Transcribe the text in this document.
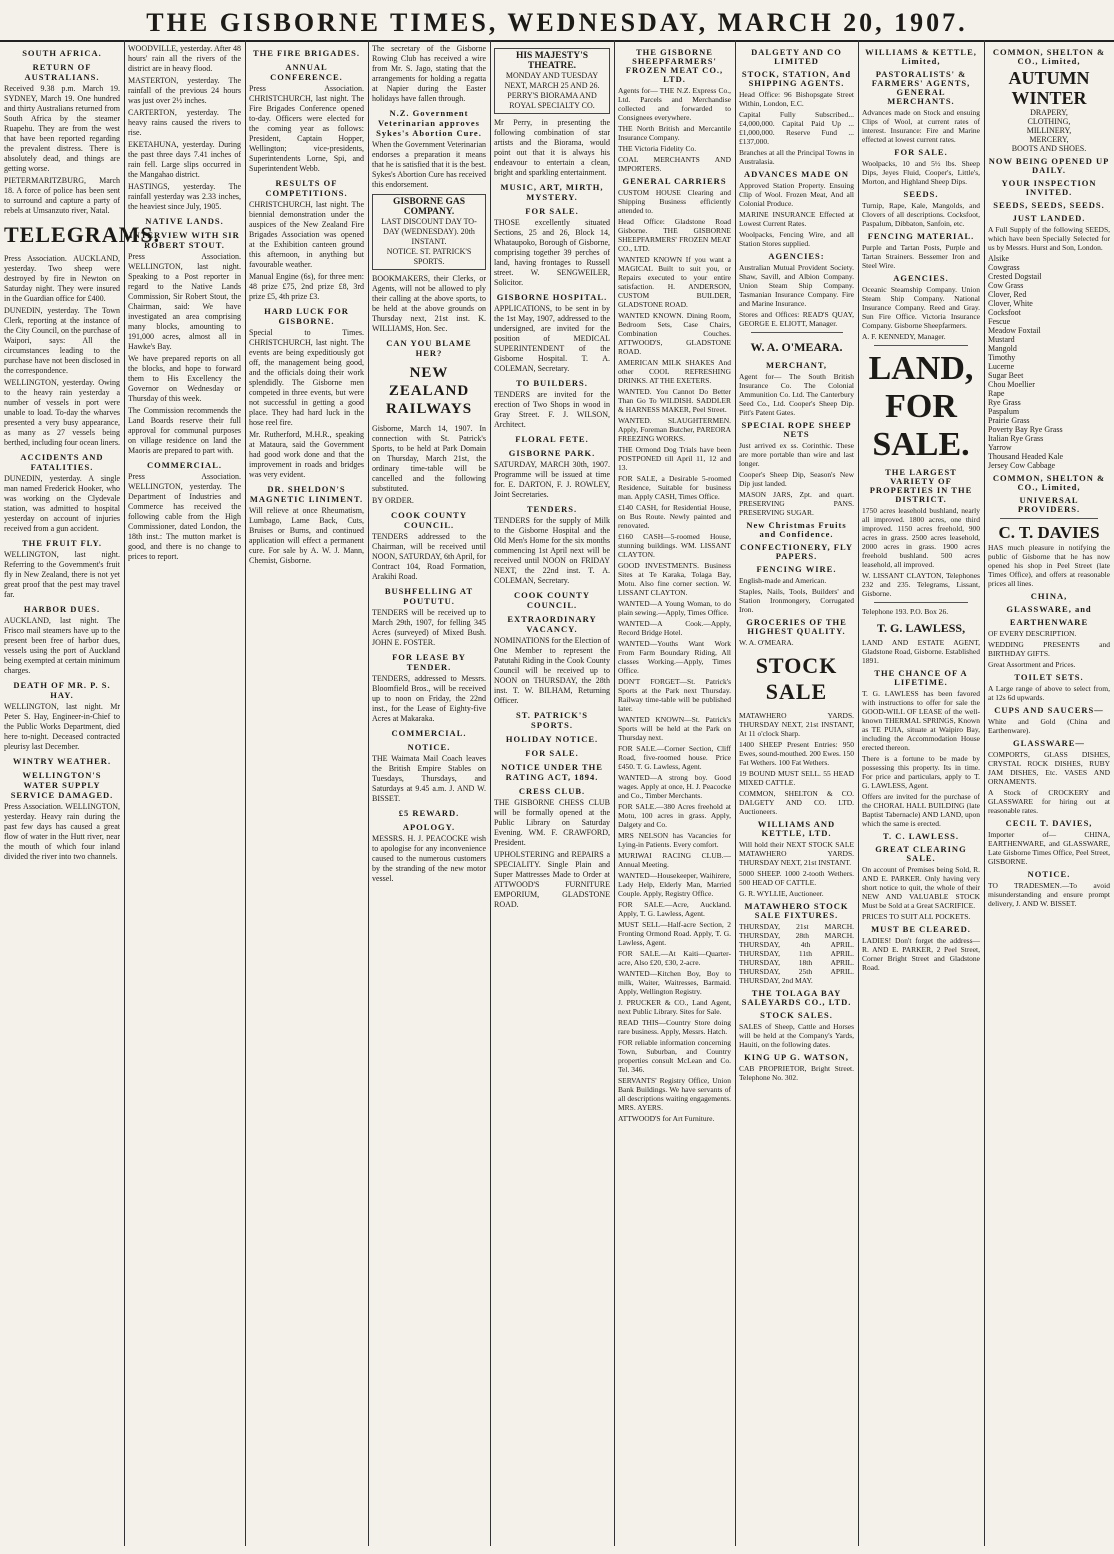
THE GISBORNE TIMES, WEDNESDAY, MARCH 20, 1907.
SOUTH AFRICA.
RETURN OF AUSTRALIANS.

Received 9.38 p.m. March 19. SYDNEY, March 19. One hundred and thirty Australians returned from South Africa by the steamer Ruapehu. They are from the west that have been reported regarding the prevalent distress. There is absolutely dead, and things are getting worse.

PIETERMARITZBURG, March 18. A force of police has been sent to surround and capture a party of rebels at Umsanzuto river, Natal.

TELEGRAMS.

Press Association. AUCKLAND, yesterday. Two sheep were destroyed by fire in Newton on Saturday night. They were insured in the Guardian office for £400.

DUNEDIN, yesterday. The Town Clerk, reporting at the instance of the City Council, on the purchase of Waipori, says: All the circumstances leading to the purchase have not been disclosed in the correspondence.

WELLINGTON, yesterday. Owing to the heavy rain yesterday a number of vessels in port were unable to load. To-day the wharves presented a very busy appearance, as many as 27 vessels being berthed, including four ocean liners.

ACCIDENTS AND FATALITIES.

DUNEDIN, yesterday. A single man named Frederick Hooker, who was working on the Clydevale station, was admitted to hospital yesterday on account of injuries received from a gun accident.

THE FRUIT FLY.

WELLINGTON, last night. Referring to the Government's fruit fly in New Zealand, there is not yet great proof that the pest may travel far.

HARBOR DUES.

AUCKLAND, last night. The Frisco mail steamers have up to the present been free of harbor dues, vessels using the port of Auckland being exempted at certain minimum charges.

DEATH OF MR. P. S. HAY.

WELLINGTON, last night. Mr Peter S. Hay, Engineer-in-Chief to the Public Works Department, died here to-night. Deceased contracted pleurisy last December.

WINTRY WEATHER.
WELLINGTON'S WATER SUPPLY SERVICE DAMAGED.

Press Association. WELLINGTON, yesterday. Heavy rain during the past few days has caused a great flow of water in the Hutt river, near the mouth of which four inland divided the river into two channels.

WOODVILLE, yesterday. After 48 hours' rain all the rivers of the district are in heavy flood.

MASTERTON, yesterday. The rainfall of the previous 24 hours was just over 2½ inches.

CARTERTON, yesterday. The heavy rains caused the rivers to rise.

EKETAHUNA, yesterday. During the past three days 7.41 inches of rain fell. Large slips occurred in the Mangahao district.

HASTINGS, yesterday. The rainfall yesterday was 2.33 inches, the heaviest since July, 1905.

NATIVE LANDS.
INTERVIEW WITH SIR ROBERT STOUT.

Press Association. WELLINGTON, last night. Speaking to a Post reporter in regard to the Native Lands Commission, Sir Robert Stout, the Chairman, said: We have investigated an area comprising many blocks, amounting to 191,000 acres, almost all in Hawke's Bay.

We have prepared reports on all the blocks, and hope to forward them to His Excellency the Governor on Wednesday or Thursday of this week.

The Commission recommends the Land Boards reserve their full approval for communal purposes on village residence on land the Maoris are prepared to part with.

COMMERCIAL.

Press Association. WELLINGTON, yesterday. The Department of Industries and Commerce has received the following cable from the High Commissioner, dated London, the 18th inst.: The mutton market is good, and there is no change to prices to report.

THE FIRE BRIGADES.
ANNUAL CONFERENCE.

Press Association. CHRISTCHURCH, last night. The Fire Brigades Conference opened to-day. Officers were elected for the coming year as follows: President, Captain Hopper, Wellington; vice-presidents, Superintendents Lorne, Spi, and Superintendent Webb.

RESULTS OF COMPETITIONS.

CHRISTCHURCH, last night. The biennial demonstration under the auspices of the New Zealand Fire Brigades Association was opened at the Exhibition canteen ground this afternoon, in anything but favourable weather.

Manual Engine (6s), for three men: 48 prize £75, 2nd prize £8, 3rd prize £5, 4th prize £3.

HARD LUCK FOR GISBORNE.

Special to Times. CHRISTCHURCH, last night. The events are being expeditiously got off, the management being good, and the officials doing their work splendidly. The Gisborne men competed in three events, but were not successful in getting a good place. They had hard luck in the hose reel fire.

Mr. Rutherford, M.H.R., speaking at Mataura, said the Government had good work done and that the improvement in roads and bridges was very evident.

DR. SHELDON'S MAGNETIC LINIMENT.

Will relieve at once Rheumatism, Lumbago, Lame Back, Cuts, Bruises or Burns, and continued application will effect a permanent cure. For sale by A. W. J. Mann, Chemist, Gisborne.

The secretary of the Gisborne Rowing Club has received a wire from Mr. S. Jago, stating that the arrangements for holding a regatta at Napier during the Easter holidays have fallen through.

N.Z. Government Veterinarian approves Sykes's Abortion Cure.

When the Government Veterinarian endorses a preparation it means that he is satisfied that it is the best. Sykes's Abortion Cure has received this endorsement.

GISBORNE GAS COMPANY.
LAST DISCOUNT DAY TO-DAY (WEDNESDAY). 20th INSTANT.
NOTICE. ST. PATRICK'S SPORTS.

BOOKMAKERS, their Clerks, or Agents, will not be allowed to ply their calling at the above sports, to be held at the above grounds on Thursday next, 21st inst. K. WILLIAMS, Hon. Sec.

CAN YOU BLAME HER?
NEW ZEALAND RAILWAYS

Gisborne, March 14, 1907. In connection with St. Patrick's Sports, to be held at Park Domain on Thursday, March 21st, the ordinary time-table will be cancelled and the following substituted.

BY ORDER.

COOK COUNTY COUNCIL.

TENDERS addressed to the Chairman, will be received until NOON, SATURDAY, 6th April, for Contract 104, Road Formation, Arakihi Road.

BUSHFELLING AT POUTUTU.

TENDERS will be received up to March 29th, 1907, for felling 345 Acres (surveyed) of Mixed Bush. JOHN E. FOSTER.

FOR LEASE BY TENDER.

TENDERS, addressed to Messrs. Bloomfield Bros., will be received up to noon on Friday, the 22nd inst., for the Lease of Eighty-five Acres at Makaraka.

COMMERCIAL.
NOTICE.

THE Waimata Mail Coach leaves the British Empire Stables on Tuesdays, Thursdays, and Saturdays at 9.45 a.m. J. AND W. BISSET.

£5 REWARD.
APOLOGY.

MESSRS. H. J. PEACOCKE wish to apologise for any inconvenience caused to the numerous customers by the stranding of the new motor vessel.

HIS MAJESTY'S THEATRE.
MONDAY AND TUESDAY NEXT, MARCH 25 AND 26.
PERRY'S BIORAMA AND ROYAL SPECIALTY CO.

Mr Perry, in presenting the following combination of star artists and the Biorama, would point out that it is always his endeavour to entertain a clean, bright and sparkling entertainment.

MUSIC, ART, MIRTH, MYSTERY.
FOR SALE.

THOSE excellently situated Sections, 25 and 26, Block 14, Whataupoko, Borough of Gisborne, comprising together 39 perches of land, having frontages to Russell street. W. SENGWEILER, Solicitor.

GISBORNE HOSPITAL.

APPLICATIONS, to be sent in by the 1st May, 1907, addressed to the undersigned, are invited for the position of MEDICAL SUPERINTENDENT of the Gisborne Hospital. T. A. COLEMAN, Secretary.

TO BUILDERS.

TENDERS are invited for the erection of Two Shops in wood in Gray Street. F. J. WILSON, Architect.

FLORAL FETE.
GISBORNE PARK.

SATURDAY, MARCH 30th, 1907. Programme will be issued at time for. E. DARTON, F. J. ROWLEY, Joint Secretaries.

TENDERS.

TENDERS for the supply of Milk to the Gisborne Hospital and the Old Men's Home for the six months commencing 1st April next will be received until NOON on FRIDAY NEXT, the 22nd inst. T. A. COLEMAN, Secretary.

COOK COUNTY COUNCIL.
EXTRAORDINARY VACANCY.

NOMINATIONS for the Election of One Member to represent the Patutahi Riding in the Cook County Council will be received up to NOON on THURSDAY, the 28th inst. T. W. BILHAM, Returning Officer.

ST. PATRICK'S SPORTS.
HOLIDAY NOTICE.
FOR SALE.
NOTICE UNDER THE RATING ACT, 1894.
CRESS CLUB.

THE GISBORNE CHESS CLUB will be formally opened at the Public Library on Saturday Evening. WM. F. CRAWFORD, President.

UPHOLSTERING and REPAIRS a SPECIALITY. Single Plain and Super Mattresses Made to Order at ATTWOOD'S FURNITURE EMPORIUM, GLADSTONE ROAD.

THE GISBORNE SHEEPFARMERS' FROZEN MEAT CO., LTD.

Agents for— THE N.Z. Express Co., Ltd. Parcels and Merchandise collected and forwarded to Consignees everywhere.

THE North British and Mercantile Insurance Company.

THE Victoria Fidelity Co.

COAL MERCHANTS AND IMPORTERS.

GENERAL CARRIERS

CUSTOM HOUSE Clearing and Shipping Business efficiently attended to.

Head Office: Gladstone Road Gisborne. THE GISBORNE SHEEPFARMERS' FROZEN MEAT CO., LTD.

WANTED KNOWN If you want a MAGICAL Built to suit you, or Repairs executed to your entire satisfaction. H. ANDERSON, CUSTOM BUILDER, GLADSTONE ROAD.

WANTED KNOWN. Dining Room, Bedroom Sets, Case Chairs, Combination Couches. ATTWOOD'S, GLADSTONE ROAD.

AMERICAN MILK SHAKES And other COOL REFRESHING DRINKS. AT THE EXETERS.

WANTED. You Cannot Do Better Than Go To WILDISH. SADDLER & HARNESS MAKER, Peel Street.

WANTED. SLAUGHTERMEN. Apply, Foreman Butcher, PAREORA FREEZING WORKS.

THE Ormond Dog Trials have been POSTPONED till April 11, 12 and 13.

FOR SALE, a Desirable 5-roomed Residence, Suitable for business man. Apply CASH, Times Office.

£140 CASH, for Residential House, on Bus Route. Newly painted and renovated.

£160 CASH—5-roomed House, stunning buildings. WM. LISSANT CLAYTON.

GOOD INVESTMENTS. Business Sites at Te Karaka, Tolaga Bay, Motu. Also fine corner section. W. LISSANT CLAYTON.

WANTED—A Young Woman, to do plain sewing.—Apply, Times Office.

WANTED—A Cook.—Apply, Record Bridge Hotel.

WANTED—Youths Want Work From Farm Boundary Riding, All classes Working.—Apply, Times Office.

DON'T FORGET—St. Patrick's Sports at the Park next Thursday. Railway time-table will be published later.

WANTED KNOWN—St. Patrick's Sports will be held at the Park on Thursday next.

FOR SALE.—Corner Section, Cliff Road, five-roomed house. Price £450. T. G. Lawless, Agent.

WANTED—A strong boy. Good wages. Apply at once, H. J. Peacocke and Co., Timber Merchants.

FOR SALE.—380 Acres freehold at Motu, 100 acres in grass. Apply, Dalgety and Co.

MRS NELSON has Vacancies for Lying-in Patients. Every comfort.

MURIWAI RACING CLUB.—Annual Meeting.

WANTED—Housekeeper, Waihirere, Lady Help, Elderly Man, Married Couple. Apply, Registry Office.

FOR SALE.—Acre, Auckland. Apply, T. G. Lawless, Agent.

MUST SELL—Half-acre Section, 2 Fronting Ormond Road. Apply, T. G. Lawless, Agent.

FOR SALE.—At Kaiti—Quarter-acre, Also £20, £30, 2-acre.

WANTED—Kitchen Boy, Boy to milk, Waiter, Waitresses, Barmaid. Apply, Wellington Registry.

J. PRUCKER & CO., Land Agent, next Public Library. Sites for Sale.

READ THIS—Country Store doing rare business. Apply, Messrs. Hatch.

FOR reliable information concerning Town, Suburban, and Country properties consult McLean and Co. Tel. 346.

SERVANTS' Registry Office, Union Bank Buildings. We have servants of all descriptions waiting engagements. MRS. AYERS.

ATTWOOD'S for Art Furniture.

DALGETY AND CO LIMITED
STOCK, STATION, And SHIPPING AGENTS.

Head Office: 96 Bishopsgate Street Within, London, E.C.

Capital Fully Subscribed...£4,000,000. Capital Paid Up ...£1,000,000. Reserve Fund ...£137,000.

Branches at all the Principal Towns in Australasia.

ADVANCES MADE ON

Approved Station Property. Ensuing Clip of Wool. Frozen Meat, And all Colonial Produce.

MARINE INSURANCE Effected at Lowest Current Rates.

Woolpacks, Fencing Wire, and all Station Stores supplied.

AGENCIES:

Australian Mutual Provident Society. Shaw, Savill, and Albion Company. Union Steam Ship Company. Tasmanian Insurance Company. Fire and Marine Insurance.

Stores and Offices: READ'S QUAY, GEORGE E. ELIOTT, Manager.

W. A. O'MEARA.
MERCHANT,

Agent for— The South British Insurance Co. The Colonial Ammunition Co. Ltd. The Canterbury Seed Co., Ltd. Cooper's Sheep Dip. Pitt's Patent Gates.

SPECIAL ROPE SHEEP NETS

Just arrived ex ss. Corinthic. These are more portable than wire and last longer.

Cooper's Sheep Dip, Season's New Dip just landed.

MASON JARS, Zpt. and quart. PRESERVING PANS. PRESERVING SUGAR.

New Christmas Fruits and Confidence.
CONFECTIONERY, FLY PAPERS.
FENCING WIRE.

English-made and American.

Staples, Nails, Tools, Builders' and Station Ironmongery, Corrugated Iron.

GROCERIES OF THE HIGHEST QUALITY.

W. A. O'MEARA.

STOCK SALE

MATAWHERO YARDS. THURSDAY NEXT, 21st INSTANT, At 11 o'clock Sharp.

1400 SHEEP Present Entries: 950 Ewes, sound-mouthed. 200 Ewes. 150 Fat Wethers. 100 Fat Wethers.

19 BOUND MUST SELL. 55 HEAD MIXED CATTLE.

COMMON, SHELTON & CO. DALGETY AND CO. LTD. Auctioneers.

WILLIAMS AND KETTLE, LTD.

Will hold their NEXT STOCK SALE MATAWHERO YARDS. THURSDAY NEXT, 21st INSTANT.

5000 SHEEP. 1000 2-tooth Wethers. 500 HEAD OF CATTLE.

G. R. WYLLIE, Auctioneer.

MATAWHERO STOCK SALE FIXTURES.

THURSDAY, 21st MARCH. THURSDAY, 28th MARCH. THURSDAY, 4th APRIL. THURSDAY, 11th APRIL. THURSDAY, 18th APRIL. THURSDAY, 25th APRIL. THURSDAY, 2nd MAY.

THE TOLAGA BAY SALEYARDS CO., LTD.
STOCK SALES.

SALES of Sheep, Cattle and Horses will be held at the Company's Yards, Hauiti, on the following dates.

KING UP G. WATSON,

CAB PROPRIETOR, Bright Street. Telephone No. 302.

WILLIAMS & KETTLE, Limited,
PASTORALISTS' & FARMERS' AGENTS, GENERAL MERCHANTS.

Advances made on Stock and ensuing Clips of Wool, at current rates of interest. Insurance: Fire and Marine effected at lowest current rates.

FOR SALE.

Woolpacks, 10 and 5½ lbs. Sheep Dips, Jeyes Fluid, Cooper's, Little's, Morton, and Highland Sheep Dips.

SEEDS.

Turnip, Rape, Kale, Mangolds, and Clovers of all descriptions. Cocksfoot, Paspalum, Dibbaton, Sanfoin, etc.

FENCING MATERIAL.

Purple and Tartan Posts, Purple and Tartan Strainers. Bessemer Iron and Steel Wire.

AGENCIES.

Oceanic Steamship Company. Union Steam Ship Company. National Insurance Company. Reed and Gray. Sun Fire Office. Victoria Insurance Company. Gisborne Sheepfarmers.

A. F. KENNEDY, Manager.

LAND,
FOR
SALE.
THE LARGEST VARIETY OF PROPERTIES IN THE DISTRICT.

1750 acres leasehold bushland, nearly all improved. 1800 acres, one third improved. 1150 acres freehold, 900 acres in grass. 2500 acres leasehold, 2000 acres in grass. 1900 acres freehold bushland. 500 acres leasehold, all improved.

W. LISSANT CLAYTON, Telephones 232 and 235. Telegrams, Lissant, Gisborne.

Telephone 193. P.O. Box 26.

T. G. LAWLESS,

LAND AND ESTATE AGENT, Gladstone Road, Gisborne. Established 1891.

THE CHANCE OF A LIFETIME.

T. G. LAWLESS has been favored with instructions to offer for sale the GOOD-WILL OF LEASE of the well-known THERMAL SPRINGS, Known as TE PUIA, situate at Waipiro Bay, including the Accommodation House erected thereon.

There is a fortune to be made by possessing this property. Its in time. For price and particulars, apply to T. G. LAWLESS, Agent.

Offers are invited for the purchase of the CHORAL HALL BUILDING (late Baptist Tabernacle) AND LAND, upon which the same is erected.

T. C. LAWLESS.
GREAT CLEARING SALE.

On account of Premises being Sold, R. AND E. PARKER. Only having very short notice to quit, the whole of their NEW AND VALUABLE STOCK Must be Sold at a Great SACRIFICE.

PRICES TO SUIT ALL POCKETS.

MUST BE CLEARED.

LADIES! Don't forget the address— R. AND E. PARKER, 2 Peel Street, Corner Bright Street and Gladstone Road.

COMMON, SHELTON & CO., Limited,
AUTUMN
WINTER
DRAPERY,
CLOTHING,
MILLINERY,
MERCERY,
BOOTS AND SHOES.
NOW BEING OPENED UP DAILY.
YOUR INSPECTION INVITED.
SEEDS, SEEDS, SEEDS.
JUST LANDED.

A Full Supply of the following SEEDS, which have been Specially Selected for us by Messrs. Hurst and Son, London.

Alsike
Cowgrass
Crested Dogstail
Cow Grass
Clover, Red
Clover, White
Cocksfoot
Fescue
Meadow Foxtail
Mustard
Mangold
Timothy
Lucerne
Sugar Beet
Chou Moellier
Rape
Rye Grass
Paspalum
Prairie Grass
Poverty Bay Rye Grass
Italian Rye Grass
Yarrow
Thousand Headed Kale
Jersey Cow Cabbage
COMMON, SHELTON & CO., Limited,
UNIVERSAL PROVIDERS.
C. T. DAVIES

HAS much pleasure in notifying the public of Gisborne that he has now opened his shop in Peel Street (late Times Office), and offers at reasonable prices all lines.

CHINA,
GLASSWARE, and
EARTHENWARE

OF EVERY DESCRIPTION.

WEDDING PRESENTS and BIRTHDAY GIFTS.

Great Assortment and Prices.

TOILET SETS.

A Large range of above to select from, at 12s 6d upwards.

CUPS AND SAUCERS—

White and Gold (China and Earthenware).

GLASSWARE—

COMPORTS, GLASS DISHES, CRYSTAL ROCK DISHES, RUBY JAM DISHES, Etc. VASES AND ORNAMENTS.

A Stock of CROCKERY and GLASSWARE for hiring out at reasonable rates.

CECIL T. DAVIES,

Importer of— CHINA, EARTHENWARE, and GLASSWARE, Late Gisborne Times Office, Peel Street, GISBORNE.

NOTICE.

TO TRADESMEN.—To avoid misunderstanding and ensure prompt delivery, J. AND W. BISSET.
